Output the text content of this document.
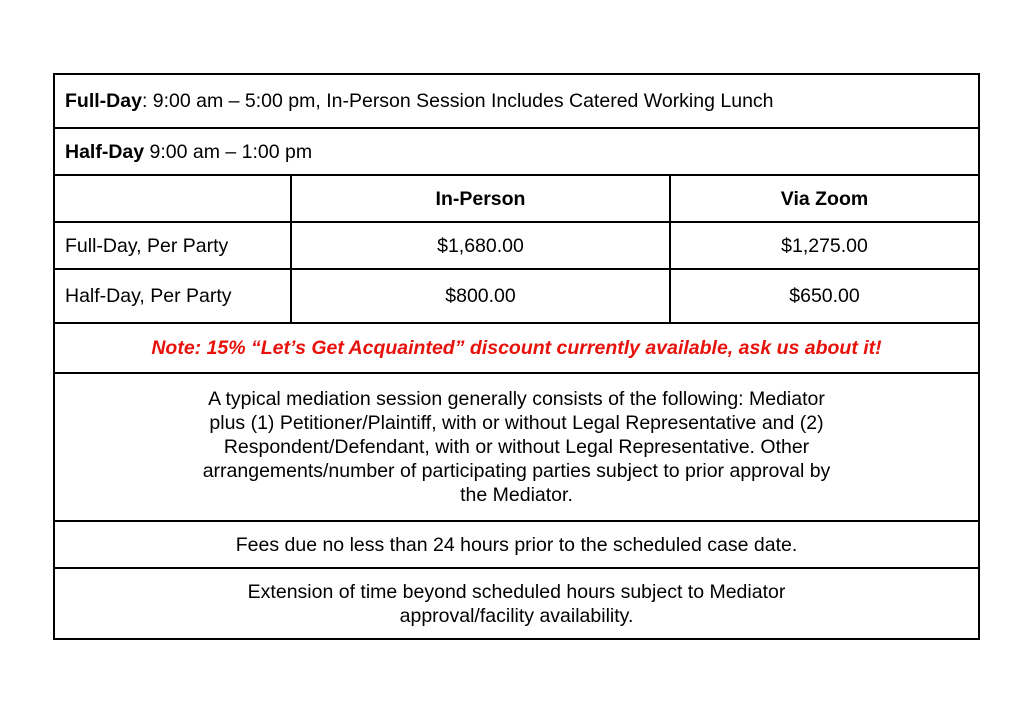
Full-Day: 9:00 am – 5:00 pm, In-Person Session Includes Catered Working Lunch		
Half-Day 9:00 am – 1:00 pm		
	In-Person	Via Zoom
Full-Day, Per Party	$1,680.00	$1,275.00
Half-Day, Per Party	$800.00	$650.00
Note: 15% “Let’s Get Acquainted” discount currently available, ask us about it!		

A typical mediation session generally consists of the following: Mediator plus (1) Petitioner/Plaintiff, with or without Legal Representative and (2) Respondent/Defendant, with or without Legal Representative. Other arrangements/number of participating parties subject to prior approval by the Mediator.		

Fees due no less than 24 hours prior to the scheduled case date.		

Extension of time beyond scheduled hours subject to Mediator approval/facility availability.		
